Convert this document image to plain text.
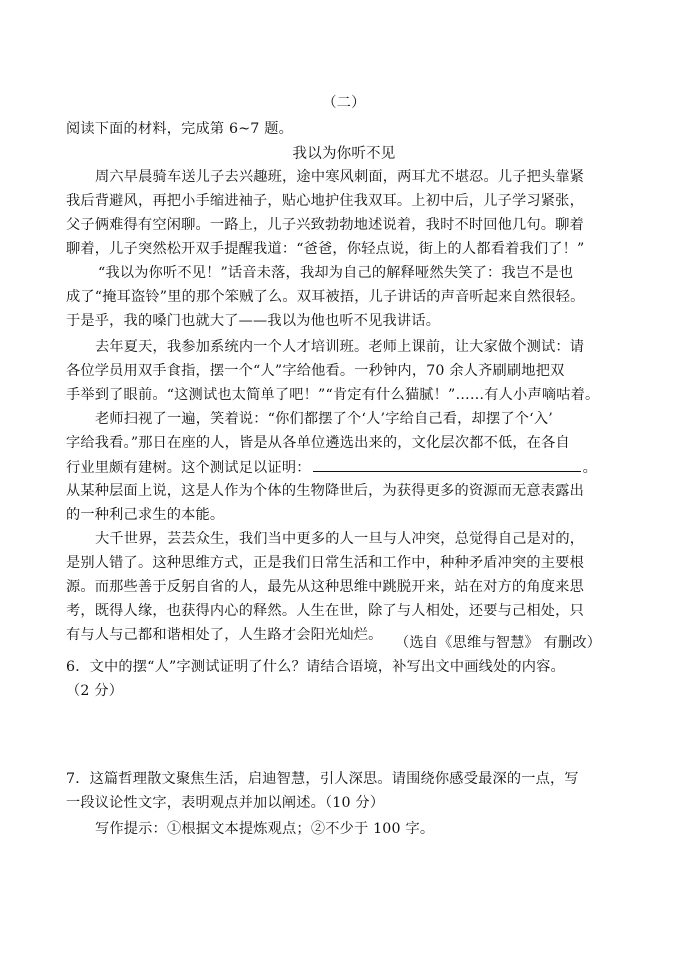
（二）
阅读下面的材料，完成第 6~7 题。
我以为你听不见
周六早晨骑车送儿子去兴趣班，途中寒风刺面，两耳尤不堪忍。儿子把头靠紧
我后背避风，再把小手缩进袖子，贴心地护住我双耳。上初中后，儿子学习紧张，
父子俩难得有空闲聊。一路上，儿子兴致勃勃地述说着，我时不时回他几句。聊着
聊着，儿子突然松开双手提醒我道：“爸爸，你轻点说，街上的人都看着我们了！”
“我以为你听不见！”话音未落，我却为自己的解释哑然失笑了：我岂不是也
成了“掩耳盗铃”里的那个笨贼了么。双耳被捂，儿子讲话的声音听起来自然很轻。
于是乎，我的嗓门也就大了——我以为他也听不见我讲话。
去年夏天，我参加系统内一个人才培训班。老师上课前，让大家做个测试：请
各位学员用双手食指，摆一个“人”字给他看。一秒钟内，70 余人齐刷刷地把双
手举到了眼前。“这测试也太简单了吧！”“肯定有什么猫腻！”……有人小声嘀咕着。
老师扫视了一遍，笑着说：“你们都摆了个‘人’字给自己看，却摆了个‘入’
字给我看。”那日在座的人，皆是从各单位遴选出来的，文化层次都不低，在各自
行业里颇有建树。这个测试足以证明：	。
从某种层面上说，这是人作为个体的生物降世后，为获得更多的资源而无意表露出
的一种利己求生的本能。
大千世界，芸芸众生，我们当中更多的人一旦与人冲突，总觉得自己是对的，
是别人错了。这种思维方式，正是我们日常生活和工作中，种种矛盾冲突的主要根
源。而那些善于反躬自省的人，最先从这种思维中跳脱开来，站在对方的角度来思
考，既得人缘，也获得内心的释然。人生在世，除了与人相处，还要与己相处，只
有与人与己都和谐相处了，人生路才会阳光灿烂。 （选自《思维与智慧》 有删改）
6．文中的摆“人”字测试证明了什么？请结合语境，补写出文中画线处的内容。
（2 分）
7．这篇哲理散文聚焦生活，启迪智慧，引人深思。请围绕你感受最深的一点，写
一段议论性文字，表明观点并加以阐述。（10 分）
写作提示：①根据文本提炼观点；②不少于 100 字。
